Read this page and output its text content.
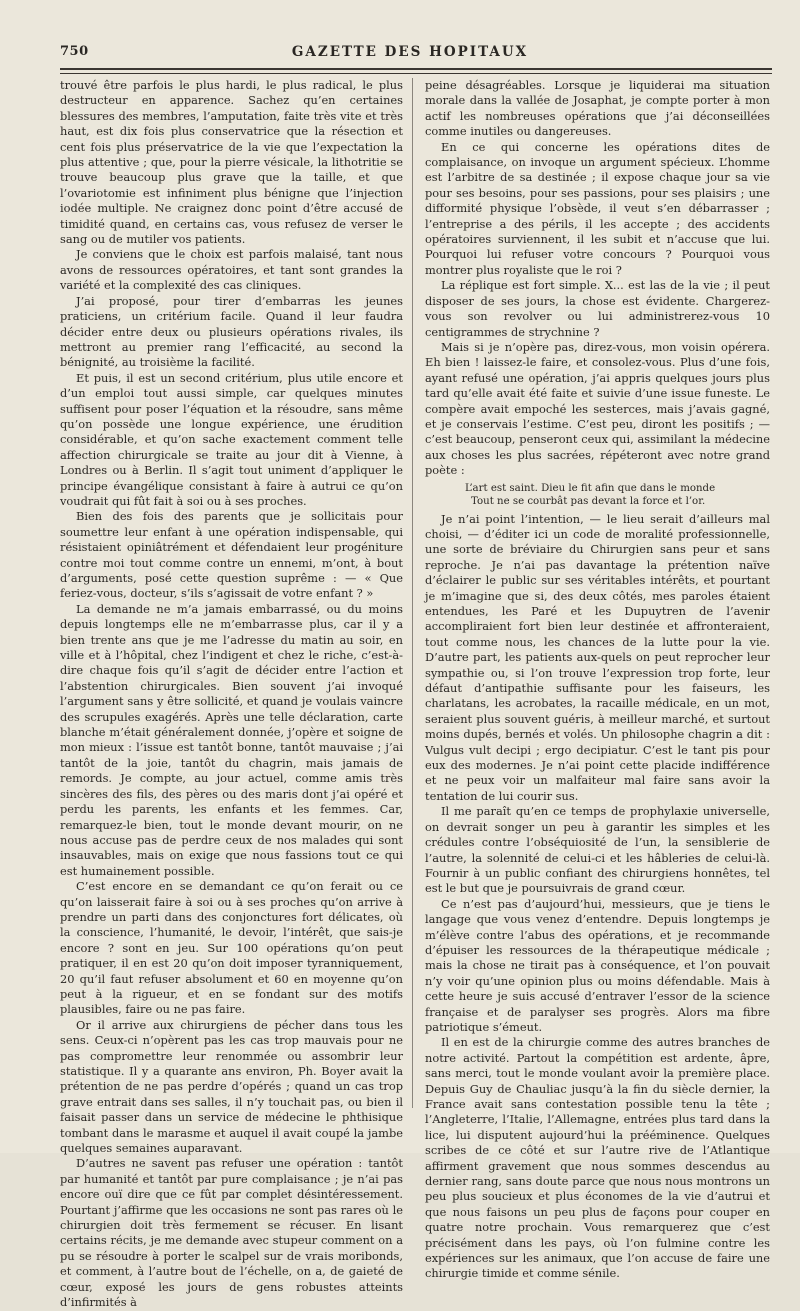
750	GAZETTE DES HOPITAUX

trouvé être parfois le plus hardi, le plus radical, le plus destructeur en apparence. Sachez qu’en certaines blessures des membres, l’amputation, faite très vite et très haut, est dix fois plus conservatrice que la résection et cent fois plus préservatrice de la vie que l’expectation la plus attentive ; que, pour la pierre vésicale, la lithotritie se trouve beaucoup plus grave que la taille, et que l’ovariotomie est infiniment plus bénigne que l’injection iodée multiple. Ne craignez donc point d’être accusé de timidité quand, en certains cas, vous refusez de verser le sang ou de mutiler vos patients.

Je conviens que le choix est parfois malaisé, tant nous avons de ressources opératoires, et tant sont grandes la variété et la complexité des cas cliniques.

J’ai proposé, pour tirer d’embarras les jeunes praticiens, un critérium facile. Quand il leur faudra décider entre deux ou plusieurs opérations rivales, ils mettront au premier rang l’efficacité, au second la bénignité, au troisième la facilité.

Et puis, il est un second critérium, plus utile encore et d’un emploi tout aussi simple, car quelques minutes suffisent pour poser l’équation et la résoudre, sans même qu’on possède une longue expérience, une érudition considérable, et qu’on sache exactement comment telle affection chirurgicale se traite au jour dit à Vienne, à Londres ou à Berlin. Il s’agit tout uniment d’appliquer le principe évangélique consistant à faire à autrui ce qu’on voudrait qui fût fait à soi ou à ses proches.

Bien des fois des parents que je sollicitais pour soumettre leur enfant à une opération indispensable, qui résistaient opiniâtrément et défendaient leur progéniture contre moi tout comme contre un ennemi, m’ont, à bout d’arguments, posé cette question suprême : — « Que feriez-vous, docteur, s’ils s’agissait de votre enfant ? »

La demande ne m’a jamais embarrassé, ou du moins depuis longtemps elle ne m’embarrasse plus, car il y a bien trente ans que je me l’adresse du matin au soir, en ville et à l’hôpital, chez l’indigent et chez le riche, c’est-à-dire chaque fois qu’il s’agit de décider entre l’action et l’abstention chirurgicales. Bien souvent j’ai invoqué l’argument sans y être sollicité, et quand je voulais vaincre des scrupules exagérés. Après une telle déclaration, carte blanche m’était généralement donnée, j’opère et soigne de mon mieux : l’issue est tantôt bonne, tantôt mauvaise ; j’ai tantôt de la joie, tantôt du chagrin, mais jamais de remords. Je compte, au jour actuel, comme amis très sincères des fils, des pères ou des maris dont j’ai opéré et perdu les parents, les enfants et les femmes. Car, remarquez-le bien, tout le monde devant mourir, on ne nous accuse pas de perdre ceux de nos malades qui sont insauvables, mais on exige que nous fassions tout ce qui est humainement possible.

C’est encore en se demandant ce qu’on ferait ou ce qu’on laisserait faire à soi ou à ses proches qu’on arrive à prendre un parti dans des conjonctures fort délicates, où la conscience, l’humanité, le devoir, l’intérêt, que sais-je encore ? sont en jeu. Sur 100 opérations qu’on peut pratiquer, il en est 20 qu’on doit imposer tyranniquement, 20 qu’il faut refuser absolument et 60 en moyenne qu’on peut à la rigueur, et en se fondant sur des motifs plausibles, faire ou ne pas faire.

Or il arrive aux chirurgiens de pécher dans tous les sens. Ceux-ci n’opèrent pas les cas trop mauvais pour ne pas compromettre leur renommée ou assombrir leur statistique. Il y a quarante ans environ, Ph. Boyer avait la prétention de ne pas perdre d’opérés ; quand un cas trop grave entrait dans ses salles, il n’y touchait pas, ou bien il faisait passer dans un service de médecine le phthisique tombant dans le marasme et auquel il avait coupé la jambe quelques semaines auparavant.

D’autres ne savent pas refuser une opération : tantôt par humanité et tantôt par pure complaisance ; je n’ai pas encore ouï dire que ce fût par complet désintéressement. Pourtant j’affirme que les occasions ne sont pas rares où le chirurgien doit très fermement se récuser. En lisant certains récits, je me demande avec stupeur comment on a pu se résoudre à porter le scalpel sur de vrais moribonds, et comment, à l’autre bout de l’échelle, on a, de gaieté de cœur, exposé les jours de gens robustes atteints d’infirmités à

peine désagréables. Lorsque je liquiderai ma situation morale dans la vallée de Josaphat, je compte porter à mon actif les nombreuses opérations que j’ai déconseillées comme inutiles ou dangereuses.

En ce qui concerne les opérations dites de complaisance, on invoque un argument spécieux. L’homme est l’arbitre de sa destinée ; il expose chaque jour sa vie pour ses besoins, pour ses passions, pour ses plaisirs ; une difformité physique l’obsède, il veut s’en débarrasser ; l’entreprise a des périls, il les accepte ; des accidents opératoires surviennent, il les subit et n’accuse que lui. Pourquoi lui refuser votre concours ? Pourquoi vous montrer plus royaliste que le roi ?

La réplique est fort simple. X... est las de la vie ; il peut disposer de ses jours, la chose est évidente. Chargerez-vous son revolver ou lui administrerez-vous 10 centigrammes de strychnine ?

Mais si je n’opère pas, direz-vous, mon voisin opérera. Eh bien ! laissez-le faire, et consolez-vous. Plus d’une fois, ayant refusé une opération, j’ai appris quelques jours plus tard qu’elle avait été faite et suivie d’une issue funeste. Le compère avait empoché les sesterces, mais j’avais gagné, et je conservais l’estime. C’est peu, diront les positifs ; — c’est beaucoup, penseront ceux qui, assimilant la médecine aux choses les plus sacrées, répéteront avec notre grand poète :

L’art est saint. Dieu le fit afin que dans le monde
Tout ne se courbât pas devant la force et l’or.

Je n’ai point l’intention, — le lieu serait d’ailleurs mal choisi, — d’éditer ici un code de moralité professionnelle, une sorte de bréviaire du Chirurgien sans peur et sans reproche. Je n’ai pas davantage la prétention naïve d’éclairer le public sur ses véritables intérêts, et pourtant je m’imagine que si, des deux côtés, mes paroles étaient entendues, les Paré et les Dupuytren de l’avenir accompliraient fort bien leur destinée et affronteraient, tout comme nous, les chances de la lutte pour la vie. D’autre part, les patients aux-quels on peut reprocher leur sympathie ou, si l’on trouve l’expression trop forte, leur défaut d’antipathie suffisante pour les faiseurs, les charlatans, les acrobates, la racaille médicale, en un mot, seraient plus souvent guéris, à meilleur marché, et surtout moins dupés, bernés et volés. Un philosophe chagrin a dit : Vulgus vult decipi ; ergo decipiatur. C’est le tant pis pour eux des modernes. Je n’ai point cette placide indifférence et ne peux voir un malfaiteur mal faire sans avoir la tentation de lui courir sus.

Il me paraît qu’en ce temps de prophylaxie universelle, on devrait songer un peu à garantir les simples et les crédules contre l’obséquiosité de l’un, la sensiblerie de l’autre, la solennité de celui-ci et les hâbleries de celui-là. Fournir à un public confiant des chirurgiens honnêtes, tel est le but que je poursuivrais de grand cœur.

Ce n’est pas d’aujourd’hui, messieurs, que je tiens le langage que vous venez d’entendre. Depuis longtemps je m’élève contre l’abus des opérations, et je recommande d’épuiser les ressources de la thérapeutique médicale ; mais la chose ne tirait pas à conséquence, et l’on pouvait n’y voir qu’une opinion plus ou moins défendable. Mais à cette heure je suis accusé d’entraver l’essor de la science française et de paralyser ses progrès. Alors ma fibre patriotique s’émeut.

Il en est de la chirurgie comme des autres branches de notre activité. Partout la compétition est ardente, âpre, sans merci, tout le monde voulant avoir la première place. Depuis Guy de Chauliac jusqu’à la fin du siècle dernier, la France avait sans contestation possible tenu la tête ; l’Angleterre, l’Italie, l’Allemagne, entrées plus tard dans la lice, lui disputent aujourd’hui la prééminence. Quelques scribes de ce côté et sur l’autre rive de l’Atlantique affirment gravement que nous sommes descendus au dernier rang, sans doute parce que nous nous montrons un peu plus soucieux et plus économes de la vie d’autrui et que nous faisons un peu plus de façons pour couper en quatre notre prochain. Vous remarquerez que c’est précisément dans les pays, où l’on fulmine contre les expériences sur les animaux, que l’on accuse de faire une chirurgie timide et comme sénile.
